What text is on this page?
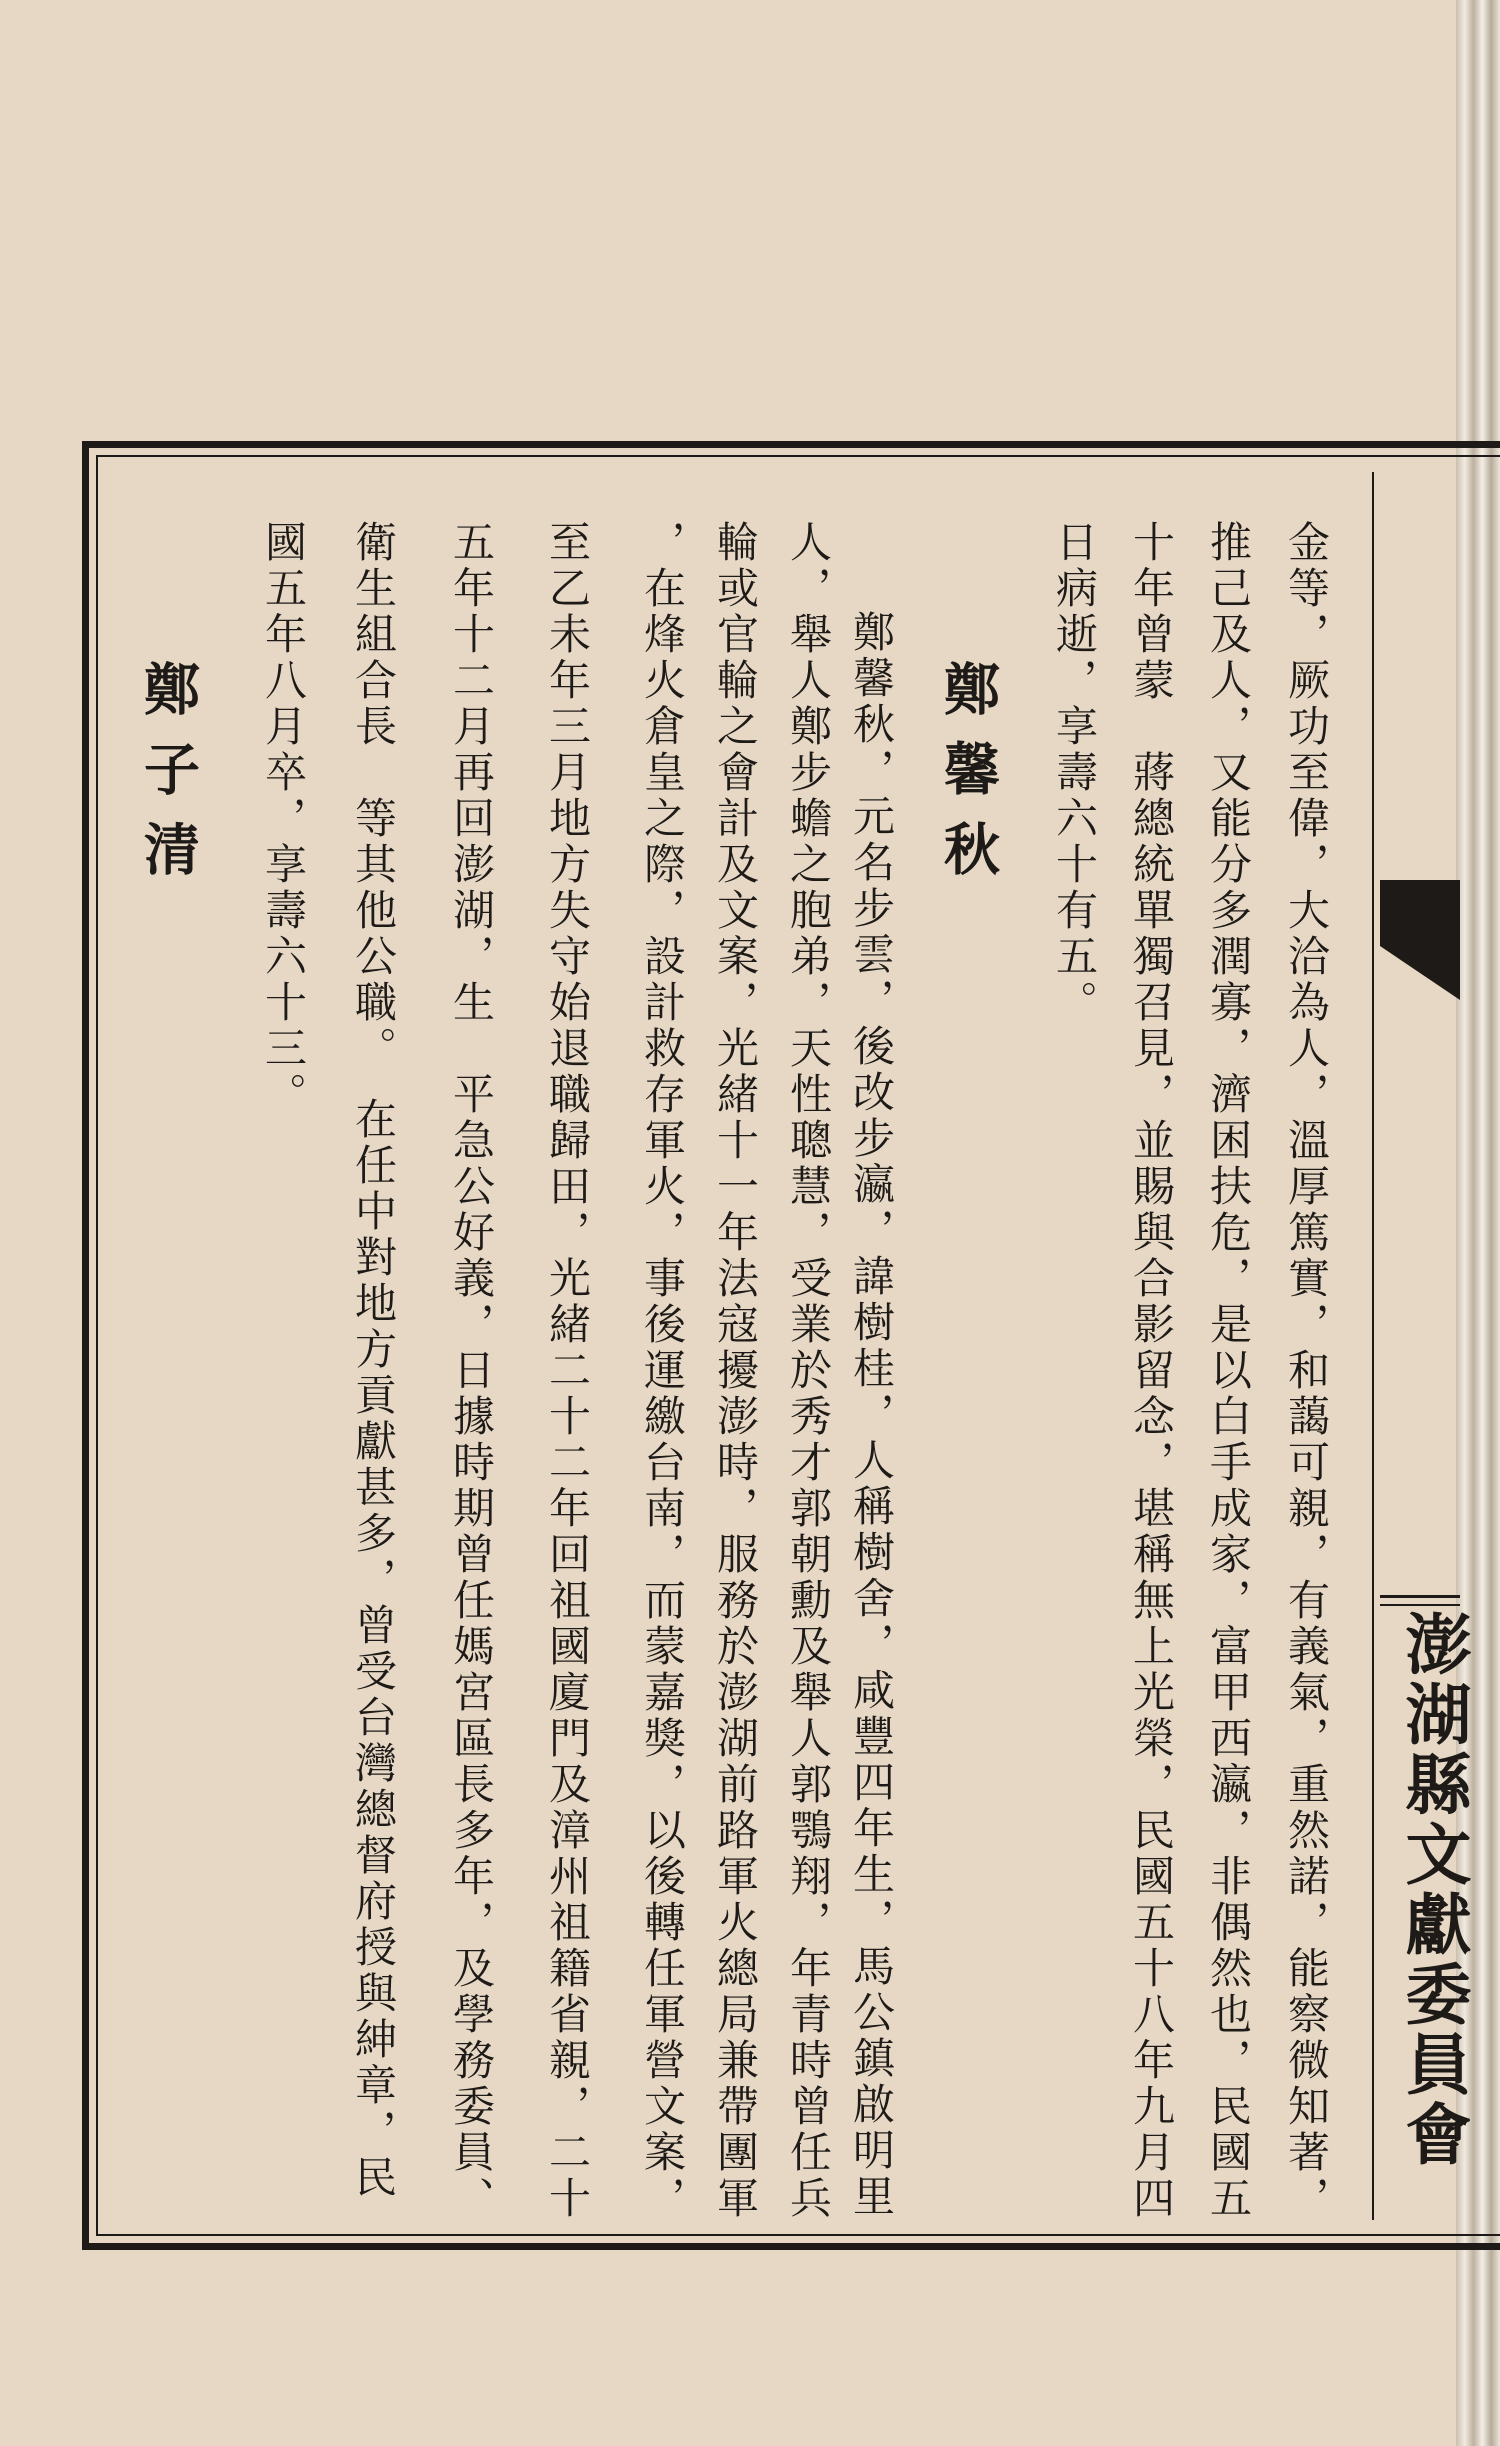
澎湖縣文獻委員會
金等，厥功至偉，大洽為人，溫厚篤實，和藹可親，有義氣，重然諾，能察微知著，
推己及人，又能分多潤寡，濟困扶危，是以白手成家，富甲西瀛，非偶然也，民國五
十年曾蒙　蔣總統單獨召見，並賜與合影留念，堪稱無上光榮，民國五十八年九月四
日病逝，享壽六十有五。
鄭馨秋
鄭馨秋，元名步雲，後改步瀛，諱樹桂，人稱樹舍，咸豐四年生，馬公鎮啟明里
人，舉人鄭步蟾之胞弟，天性聰慧，受業於秀才郭朝勳及舉人郭鶚翔，年青時曾任兵
輪或官輪之會計及文案，光緒十一年法寇擾澎時，服務於澎湖前路軍火總局兼帶團軍
，在烽火倉皇之際，設計救存軍火，事後運繳台南，而蒙嘉獎，以後轉任軍營文案，
至乙未年三月地方失守始退職歸田，光緒二十二年回祖國廈門及漳州祖籍省親，二十
五年十二月再回澎湖，生　平急公好義，日據時期曾任媽宮區長多年，及學務委員、
衛生組合長　等其他公職。　在任中對地方貢獻甚多，曾受台灣總督府授與紳章，民
國五年八月卒，享壽六十三。
鄭子清
